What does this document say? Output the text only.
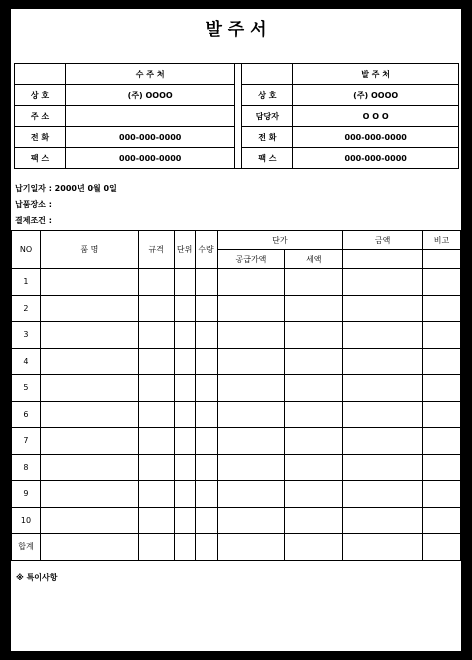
발 주 서
	수 주 처			발 주 처
상 호	(주) OOOO		상 호	(주) OOOO
주 소			담당자	O O O
전 화	000-000-0000		전 화	000-000-0000
팩 스	000-000-0000		팩 스	000-000-0000
납기일자 : 2000년 0월 0일
납품장소 :
결제조건 :
NO	품 명	규격	단위	수량	단가		금액	비고
					공급가액	세액		
1								
2								
3								
4								
5								
6								
7								
8								
9								
10								
합계								
※ 특이사항
